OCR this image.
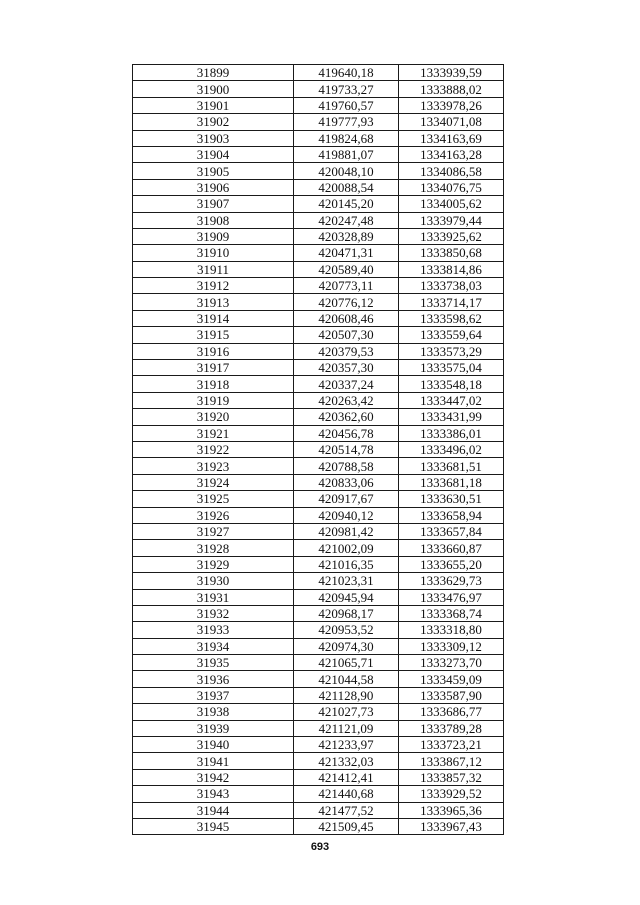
31899	419640,18	1333939,59
31900	419733,27	1333888,02
31901	419760,57	1333978,26
31902	419777,93	1334071,08
31903	419824,68	1334163,69
31904	419881,07	1334163,28
31905	420048,10	1334086,58
31906	420088,54	1334076,75
31907	420145,20	1334005,62
31908	420247,48	1333979,44
31909	420328,89	1333925,62
31910	420471,31	1333850,68
31911	420589,40	1333814,86
31912	420773,11	1333738,03
31913	420776,12	1333714,17
31914	420608,46	1333598,62
31915	420507,30	1333559,64
31916	420379,53	1333573,29
31917	420357,30	1333575,04
31918	420337,24	1333548,18
31919	420263,42	1333447,02
31920	420362,60	1333431,99
31921	420456,78	1333386,01
31922	420514,78	1333496,02
31923	420788,58	1333681,51
31924	420833,06	1333681,18
31925	420917,67	1333630,51
31926	420940,12	1333658,94
31927	420981,42	1333657,84
31928	421002,09	1333660,87
31929	421016,35	1333655,20
31930	421023,31	1333629,73
31931	420945,94	1333476,97
31932	420968,17	1333368,74
31933	420953,52	1333318,80
31934	420974,30	1333309,12
31935	421065,71	1333273,70
31936	421044,58	1333459,09
31937	421128,90	1333587,90
31938	421027,73	1333686,77
31939	421121,09	1333789,28
31940	421233,97	1333723,21
31941	421332,03	1333867,12
31942	421412,41	1333857,32
31943	421440,68	1333929,52
31944	421477,52	1333965,36
31945	421509,45	1333967,43
693
